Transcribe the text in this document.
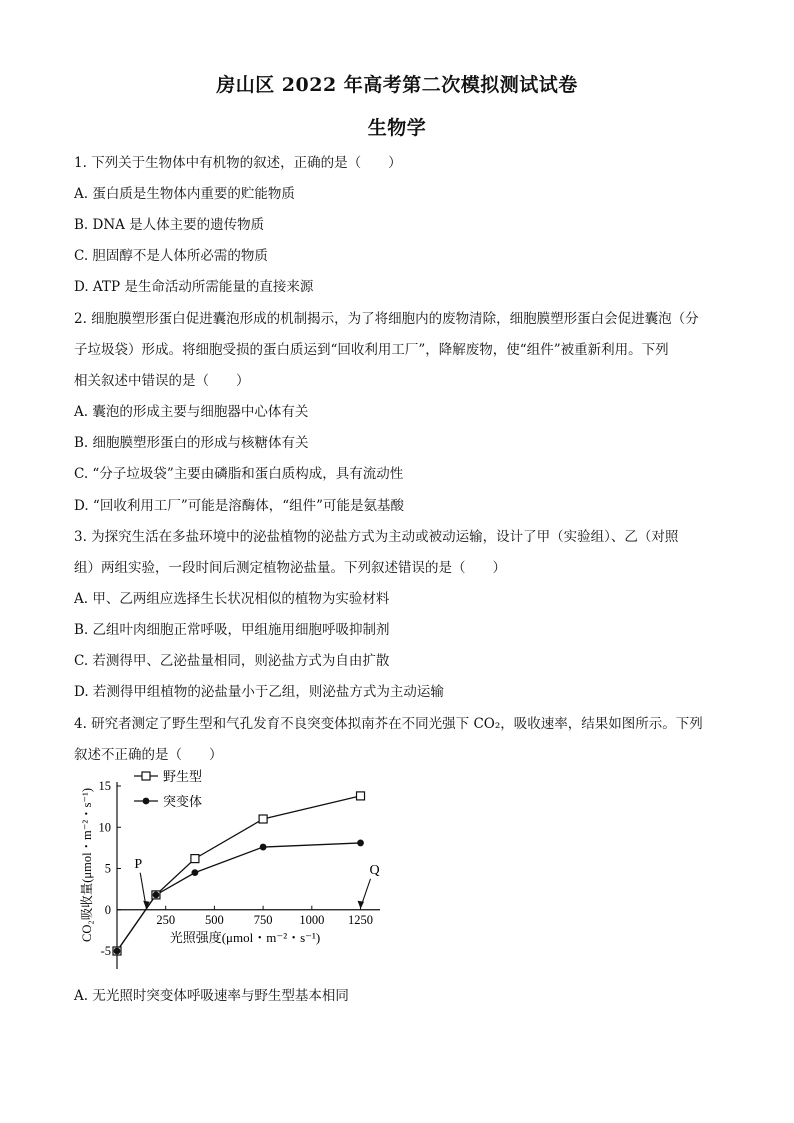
房山区 2022 年高考第二次模拟测试试卷
生物学
1. 下列关于生物体中有机物的叙述，正确的是（　　）
A. 蛋白质是生物体内重要的贮能物质
B. DNA 是人体主要的遗传物质
C. 胆固醇不是人体所必需的物质
D. ATP 是生命活动所需能量的直接来源
2. 细胞膜塑形蛋白促进囊泡形成的机制揭示，为了将细胞内的废物清除，细胞膜塑形蛋白会促进囊泡（分
子垃圾袋）形成。将细胞受损的蛋白质运到“回收利用工厂”，降解废物，使“组件”被重新利用。下列
相关叙述中错误的是（　　）
A. 囊泡的形成主要与细胞器中心体有关
B. 细胞膜塑形蛋白的形成与核糖体有关
C. “分子垃圾袋”主要由磷脂和蛋白质构成，具有流动性
D. “回收利用工厂”可能是溶酶体，“组件”可能是氨基酸
3. 为探究生活在多盐环境中的泌盐植物的泌盐方式为主动或被动运输，设计了甲（实验组）、乙（对照
组）两组实验，一段时间后测定植物泌盐量。下列叙述错误的是（　　）
A. 甲、乙两组应选择生长状况相似的植物为实验材料
B. 乙组叶肉细胞正常呼吸，甲组施用细胞呼吸抑制剂
C. 若测得甲、乙泌盐量相同，则泌盐方式为自由扩散
D. 若测得甲组植物的泌盐量小于乙组，则泌盐方式为主动运输
4. 研究者测定了野生型和气孔发育不良突变体拟南芥在不同光强下 CO₂，吸收速率，结果如图所示。下列
叙述不正确的是（　　）
A. 无光照时突变体呼吸速率与野生型基本相同
15
10
5
0
-5
250 500 750 1000 1250
野生型
突变体
P	Q
光照强度(μmol・m⁻²・s⁻¹)
CO₂吸收量(μmol・m⁻²・s⁻¹)
